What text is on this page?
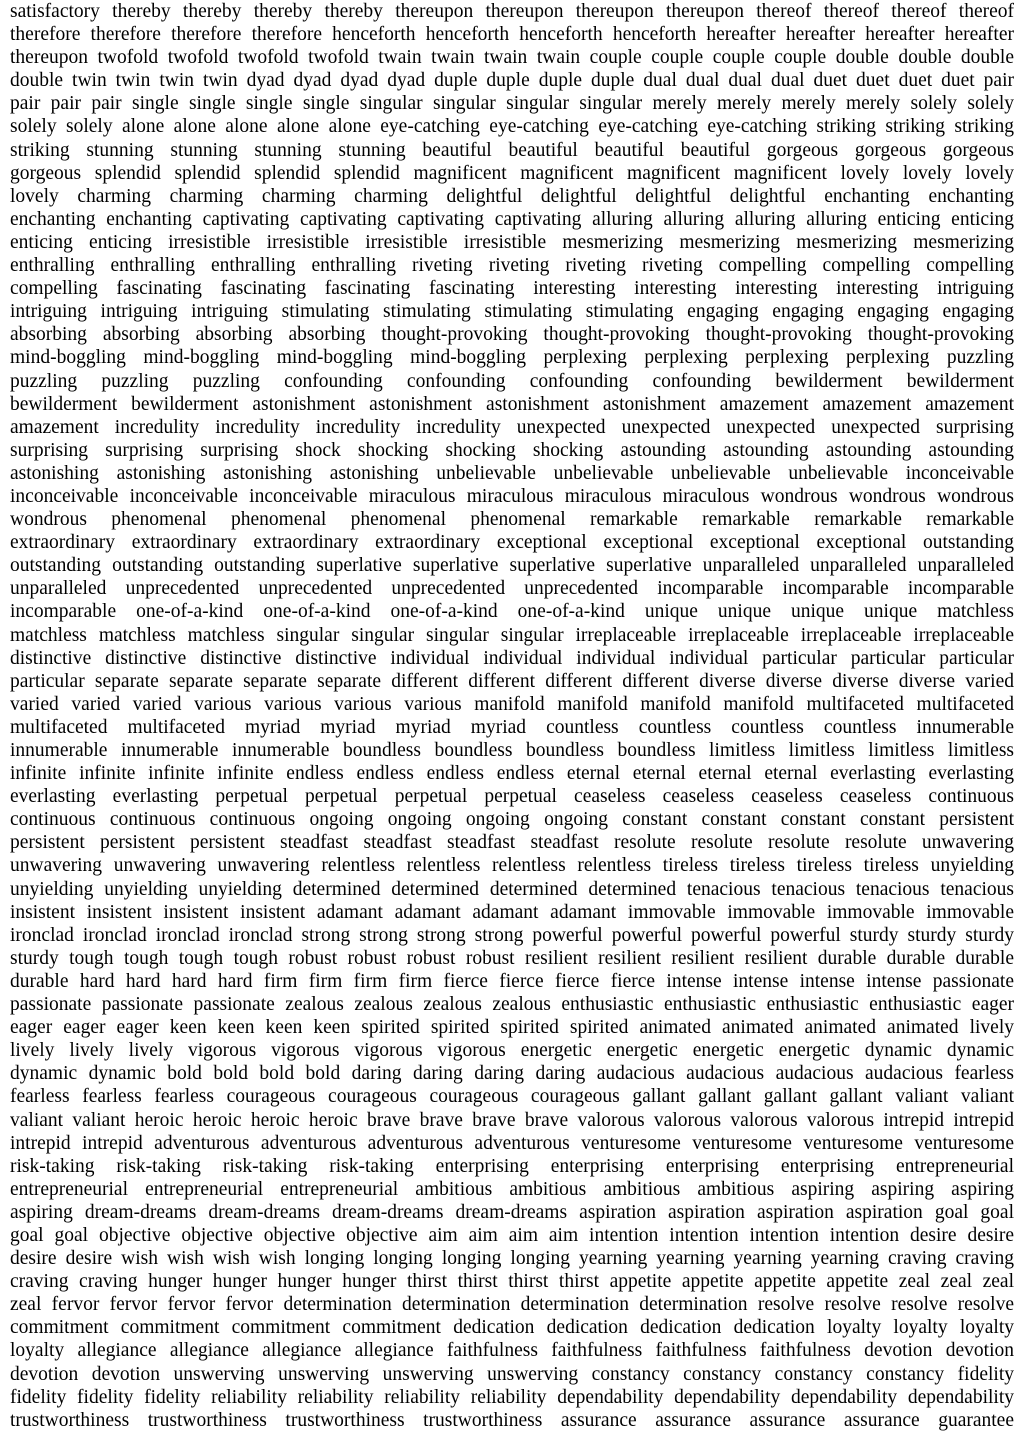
satisfactory thereby thereby thereby thereby thereupon thereupon thereupon thereupon thereof thereof thereof thereof
therefore therefore therefore therefore henceforth henceforth henceforth henceforth hereafter hereafter hereafter hereafter
thereupon twofold twofold twofold twofold twain twain twain twain couple couple couple couple double double double
double twin twin twin twin dyad dyad dyad dyad duple duple duple duple dual dual dual dual duet duet duet duet pair
pair pair pair single single single single singular singular singular singular merely merely merely merely solely solely
solely solely alone alone alone alone alone eye-catching eye-catching eye-catching eye-catching striking striking striking
striking stunning stunning stunning stunning beautiful beautiful beautiful beautiful gorgeous gorgeous gorgeous
gorgeous splendid splendid splendid splendid magnificent magnificent magnificent magnificent lovely lovely lovely
lovely charming charming charming charming delightful delightful delightful delightful enchanting enchanting
enchanting enchanting captivating captivating captivating captivating alluring alluring alluring alluring enticing enticing
enticing enticing irresistible irresistible irresistible irresistible mesmerizing mesmerizing mesmerizing mesmerizing
enthralling enthralling enthralling enthralling riveting riveting riveting riveting compelling compelling compelling
compelling fascinating fascinating fascinating fascinating interesting interesting interesting interesting intriguing
intriguing intriguing intriguing stimulating stimulating stimulating stimulating engaging engaging engaging engaging
absorbing absorbing absorbing absorbing thought-provoking thought-provoking thought-provoking thought-provoking
mind-boggling mind-boggling mind-boggling mind-boggling perplexing perplexing perplexing perplexing puzzling
puzzling puzzling puzzling confounding confounding confounding confounding bewilderment bewilderment
bewilderment bewilderment astonishment astonishment astonishment astonishment amazement amazement amazement
amazement incredulity incredulity incredulity incredulity unexpected unexpected unexpected unexpected surprising
surprising surprising surprising shock shocking shocking shocking astounding astounding astounding astounding
astonishing astonishing astonishing astonishing unbelievable unbelievable unbelievable unbelievable inconceivable
inconceivable inconceivable inconceivable miraculous miraculous miraculous miraculous wondrous wondrous wondrous
wondrous phenomenal phenomenal phenomenal phenomenal remarkable remarkable remarkable remarkable
extraordinary extraordinary extraordinary extraordinary exceptional exceptional exceptional exceptional outstanding
outstanding outstanding outstanding superlative superlative superlative superlative unparalleled unparalleled unparalleled
unparalleled unprecedented unprecedented unprecedented unprecedented incomparable incomparable incomparable
incomparable one-of-a-kind one-of-a-kind one-of-a-kind one-of-a-kind unique unique unique unique matchless
matchless matchless matchless singular singular singular singular irreplaceable irreplaceable irreplaceable irreplaceable
distinctive distinctive distinctive distinctive individual individual individual individual particular particular particular
particular separate separate separate separate different different different different diverse diverse diverse diverse varied
varied varied varied various various various various manifold manifold manifold manifold multifaceted multifaceted
multifaceted multifaceted myriad myriad myriad myriad countless countless countless countless innumerable
innumerable innumerable innumerable boundless boundless boundless boundless limitless limitless limitless limitless
infinite infinite infinite infinite endless endless endless endless eternal eternal eternal eternal everlasting everlasting
everlasting everlasting perpetual perpetual perpetual perpetual ceaseless ceaseless ceaseless ceaseless continuous
continuous continuous continuous ongoing ongoing ongoing ongoing constant constant constant constant persistent
persistent persistent persistent steadfast steadfast steadfast steadfast resolute resolute resolute resolute unwavering
unwavering unwavering unwavering relentless relentless relentless relentless tireless tireless tireless tireless unyielding
unyielding unyielding unyielding determined determined determined determined tenacious tenacious tenacious tenacious
insistent insistent insistent insistent adamant adamant adamant adamant immovable immovable immovable immovable
ironclad ironclad ironclad ironclad strong strong strong strong powerful powerful powerful powerful sturdy sturdy sturdy
sturdy tough tough tough tough robust robust robust robust resilient resilient resilient resilient durable durable durable
durable hard hard hard hard firm firm firm firm fierce fierce fierce fierce intense intense intense intense passionate
passionate passionate passionate zealous zealous zealous zealous enthusiastic enthusiastic enthusiastic enthusiastic eager
eager eager eager keen keen keen keen spirited spirited spirited spirited animated animated animated animated lively
lively lively lively vigorous vigorous vigorous vigorous energetic energetic energetic energetic dynamic dynamic
dynamic dynamic bold bold bold bold daring daring daring daring audacious audacious audacious audacious fearless
fearless fearless fearless courageous courageous courageous courageous gallant gallant gallant gallant valiant valiant
valiant valiant heroic heroic heroic heroic brave brave brave brave valorous valorous valorous valorous intrepid intrepid
intrepid intrepid adventurous adventurous adventurous adventurous venturesome venturesome venturesome venturesome
risk-taking risk-taking risk-taking risk-taking enterprising enterprising enterprising enterprising entrepreneurial
entrepreneurial entrepreneurial entrepreneurial ambitious ambitious ambitious ambitious aspiring aspiring aspiring
aspiring dream-dreams dream-dreams dream-dreams dream-dreams aspiration aspiration aspiration aspiration goal goal
goal goal objective objective objective objective aim aim aim aim intention intention intention intention desire desire
desire desire wish wish wish wish longing longing longing longing yearning yearning yearning yearning craving craving
craving craving hunger hunger hunger hunger thirst thirst thirst thirst appetite appetite appetite appetite zeal zeal zeal
zeal fervor fervor fervor fervor determination determination determination determination resolve resolve resolve resolve
commitment commitment commitment commitment dedication dedication dedication dedication loyalty loyalty loyalty
loyalty allegiance allegiance allegiance allegiance faithfulness faithfulness faithfulness faithfulness devotion devotion
devotion devotion unswerving unswerving unswerving unswerving constancy constancy constancy constancy fidelity
fidelity fidelity fidelity reliability reliability reliability reliability dependability dependability dependability dependability
trustworthiness trustworthiness trustworthiness trustworthiness assurance assurance assurance assurance guarantee
